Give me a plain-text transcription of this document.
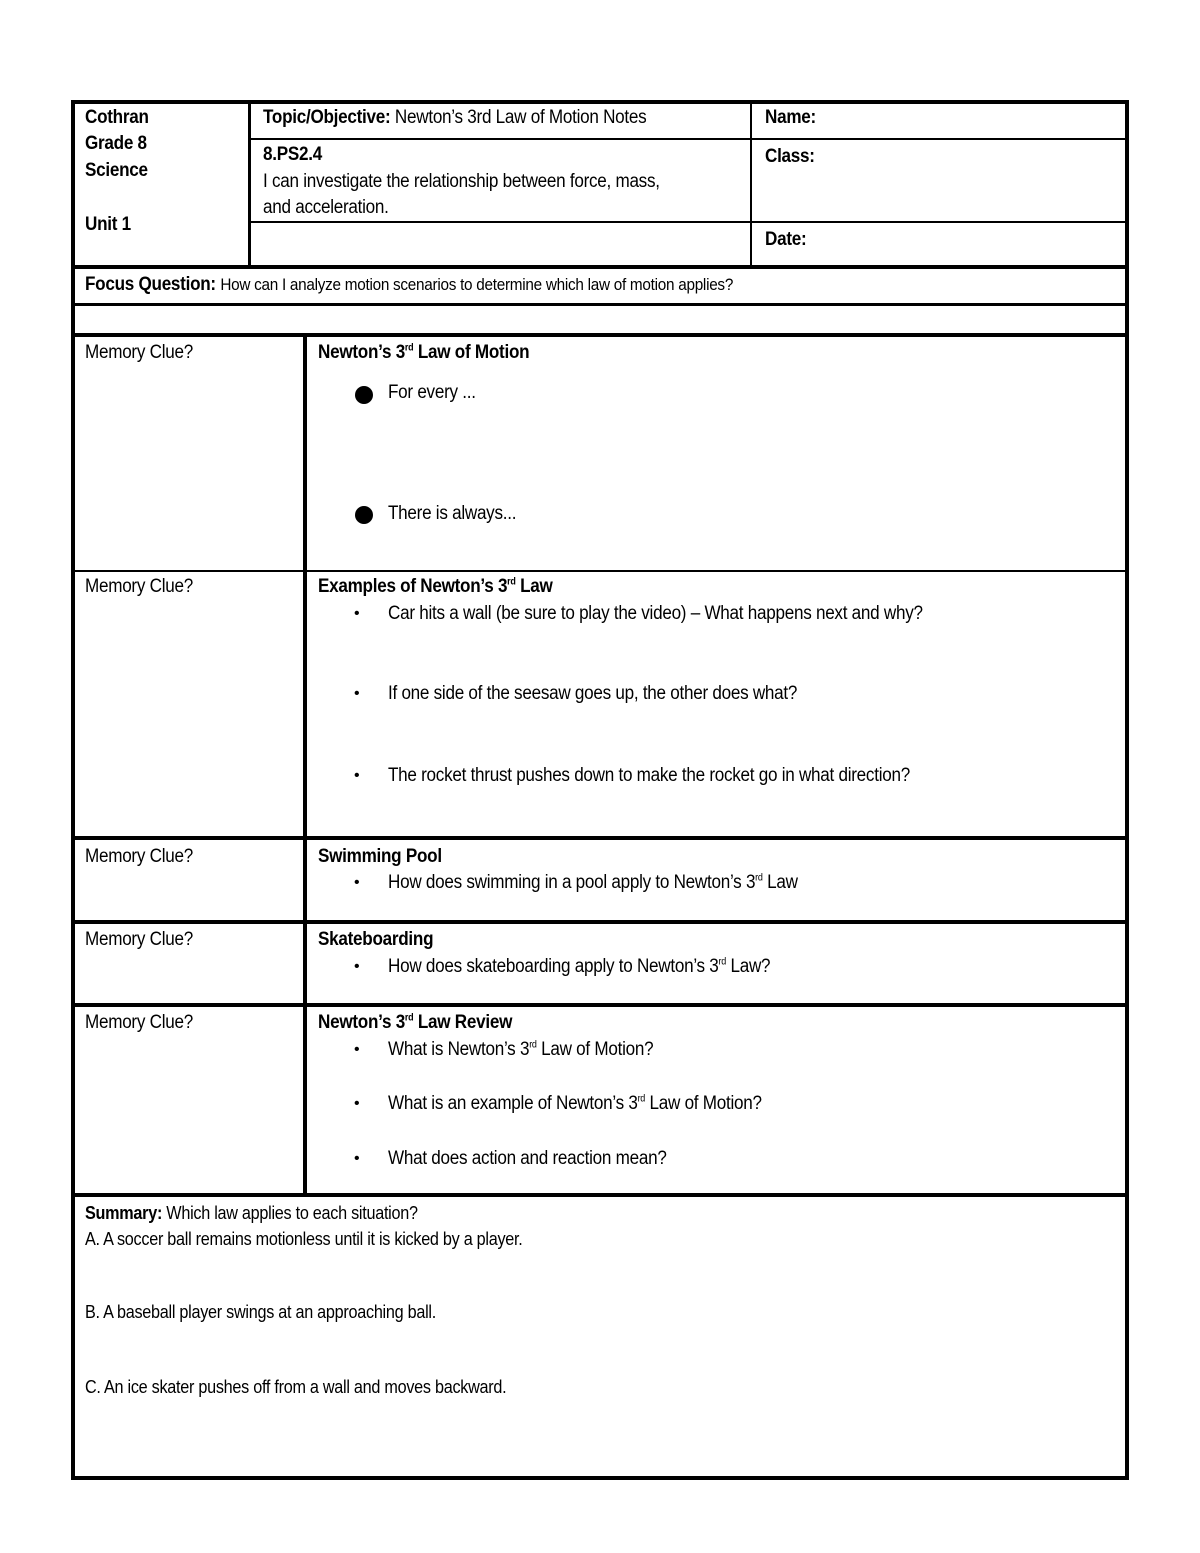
Cothran
Grade 8
Science
Unit 1
Topic/Objective: Newton’s 3rd Law of Motion Notes
8.PS2.4
I can investigate the relationship between force, mass,
and acceleration.
Name:
Class:
Date:
Focus Question: How can I analyze motion scenarios to determine which law of motion applies?
Memory Clue?
Memory Clue?
Memory Clue?
Memory Clue?
Memory Clue?
Newton’s 3rd Law of Motion
For every ...
There is always...
Examples of Newton’s 3rd Law
• Car hits a wall (be sure to play the video) – What happens next and why?
• If one side of the seesaw goes up, the other does what?
• The rocket thrust pushes down to make the rocket go in what direction?
Swimming Pool
• How does swimming in a pool apply to Newton’s 3rd Law
Skateboarding
• How does skateboarding apply to Newton’s 3rd Law?
Newton’s 3rd Law Review
• What is Newton’s 3rd Law of Motion?
• What is an example of Newton’s 3rd Law of Motion?
• What does action and reaction mean?
Summary: Which law applies to each situation?
A. A soccer ball remains motionless until it is kicked by a player.
B. A baseball player swings at an approaching ball.
C. An ice skater pushes off from a wall and moves backward.
